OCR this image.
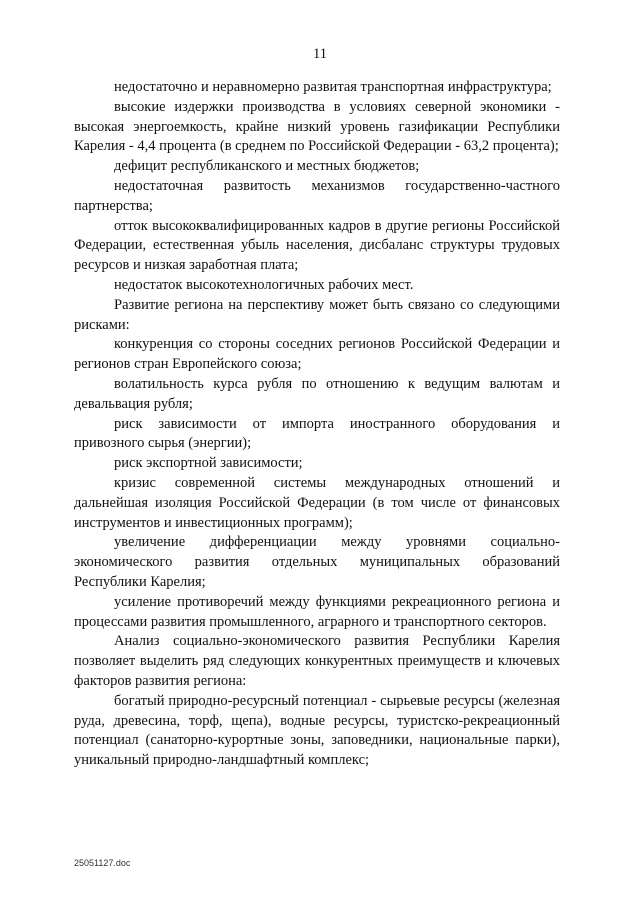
11

недостаточно и неравномерно развитая транспортная инфраструктура;

высокие издержки производства в условиях северной экономики - высокая энергоемкость, крайне низкий уровень газификации Республики Карелия - 4,4 процента (в среднем по Российской Федерации - 63,2 процента);

дефицит республиканского и местных бюджетов;

недостаточная развитость механизмов государственно-частного партнерства;

отток высококвалифицированных кадров в другие регионы Российской Федерации, естественная убыль населения, дисбаланс структуры трудовых ресурсов и низкая заработная плата;

недостаток высокотехнологичных рабочих мест.

Развитие региона на перспективу может быть связано со следующими рисками:

конкуренция со стороны соседних регионов Российской Федерации и регионов стран Европейского союза;

волатильность курса рубля по отношению к ведущим валютам и девальвация рубля;

риск зависимости от импорта иностранного оборудования и привозного сырья (энергии);

риск экспортной зависимости;

кризис современной системы международных отношений и дальнейшая изоляция Российской Федерации (в том числе от финансовых инструментов и инвестиционных программ);

увеличение дифференциации между уровнями социально-экономического развития отдельных муниципальных образований Республики Карелия;

усиление противоречий между функциями рекреационного региона и процессами развития промышленного, аграрного и транспортного секторов.

Анализ социально-экономического развития Республики Карелия позволяет выделить ряд следующих конкурентных преимуществ и ключевых факторов развития региона:

богатый природно-ресурсный потенциал - сырьевые ресурсы (железная руда, древесина, торф, щепа), водные ресурсы, туристско-рекреационный потенциал (санаторно-курортные зоны, заповедники, национальные парки), уникальный природно-ландшафтный комплекс;

25051127.doc
